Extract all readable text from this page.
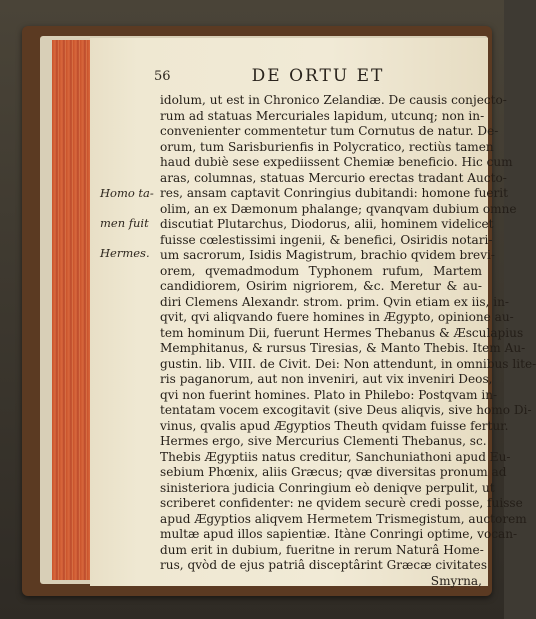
56	DE ORTU ET
Homo ta-
men fuit
Hermes.
idolum, ut est in Chronico Zelandiæ. De causis conjecto-
rum ad statuas Mercuriales lapidum, utcunq; non in-
convenienter commentetur tum Cornutus de natur. De-
orum, tum Sarisburienfis in Polycratico, rectiùs tamen
haud dubiè sese expediissent Chemiæ beneficio. Hic cum
aras, columnas, statuas Mercurio erectas tradant Aucto-
res, ansam captavit Conringius dubitandi: homone fuerit
olim, an ex Dæmonum phalange; qvanqvam dubium omne
discutiat Plutarchus, Diodorus, alii, hominem videlicet
fuisse cœlestissimi ingenii, & benefici, Osiridis notari-
um sacrorum, Isidis Magistrum, brachio qvidem brevi-
orem, qvemadmodum Typhonem rufum, Martem
candidiorem, Osirim nigriorem, &c. Meretur & au-
diri Clemens Alexandr. strom. prim. Qvin etiam ex iis, in-
qvit, qvi aliqvando fuere homines in Ægypto, opinione au-
tem hominum Dii, fuerunt Hermes Thebanus & Æsculapius
Memphitanus, & rursus Tiresias, & Manto Thebis. Item Au-
gustin. lib. VIII. de Civit. Dei: Non attendunt, in omnibus lite-
ris paganorum, aut non inveniri, aut vix inveniri Deos,
qvi non fuerint homines. Plato in Philebo: Postqvam in-
tentatam vocem excogitavit (sive Deus aliqvis, sive homo Di-
vinus, qvalis apud Ægyptios Theuth qvidam fuisse fertur.
Hermes ergo, sive Mercurius Clementi Thebanus, sc.
Thebis Ægyptiis natus creditur, Sanchuniathoni apud Eu-
sebium Phœnix, aliis Græcus; qvæ diversitas pronum ad
sinisteriora judicia Conringium eò deniqve perpulit, ut
scriberet confidenter: ne qvidem securè credi posse, fuisse
apud Ægyptios aliqvem Hermetem Trismegistum, auctorem
multæ apud illos sapientiæ. Itàne Conringi optime, vocan-
dum erit in dubium, fueritne in rerum Naturâ Home-
rus, qvòd de ejus patriâ disceptârint Græcæ civitates
Smyrna,
